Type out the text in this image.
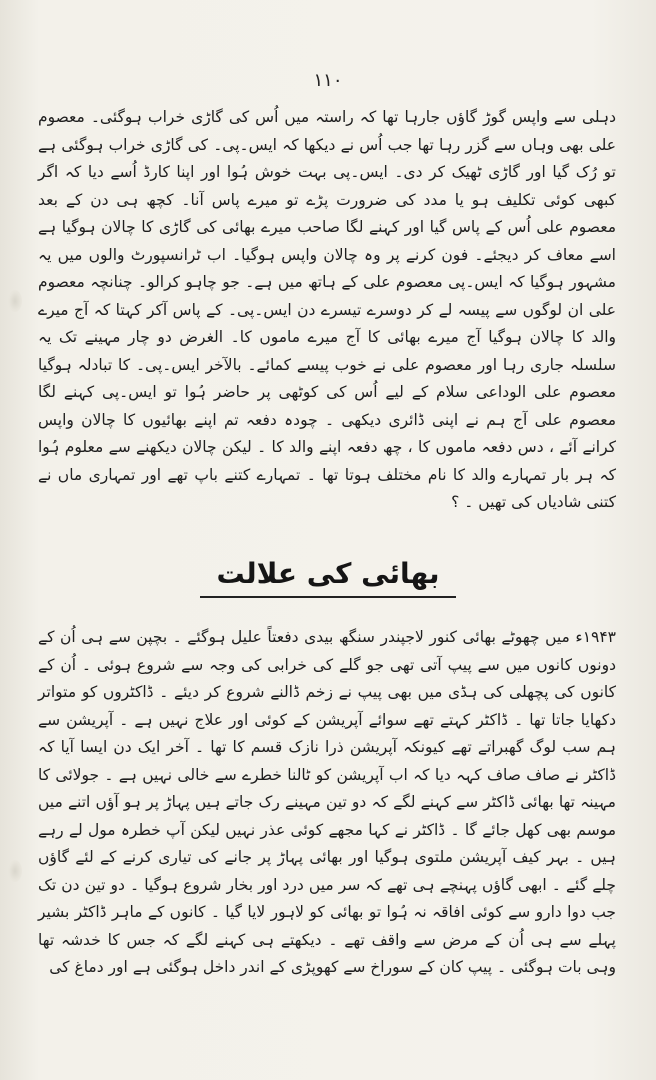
۱۱۰

دہلی سے واپس گوڑ گاؤں جارہا تھا کہ راستہ میں اُس کی گاڑی خراب ہوگئی۔ معصوم علی بھی وہاں سے گزر رہا تھا جب اُس نے دیکھا کہ ایس۔پی۔ کی گاڑی خراب ہوگئی ہے تو رُک گیا اور گاڑی ٹھیک کر دی۔ ایس۔پی بہت خوش ہُوا اور اپنا کارڈ اُسے دیا کہ اگر کبھی کوئی تکلیف ہو یا مدد کی ضرورت پڑے تو میرے پاس آنا۔ کچھ ہی دن کے بعد معصوم علی اُس کے پاس گیا اور کہنے لگا صاحب میرے بھائی کی گاڑی کا چالان ہوگیا ہے اسے معاف کر دیجئے۔ فون کرنے پر وہ چالان واپس ہوگیا۔ اب ٹرانسپورٹ والوں میں یہ مشہور ہوگیا کہ ایس۔پی معصوم علی کے ہاتھ میں ہے۔ جو چاہو کرالو۔ چنانچہ معصوم علی ان لوگوں سے پیسہ لے کر دوسرے تیسرے دن ایس۔پی۔ کے پاس آکر کہتا کہ آج میرے والد کا چالان ہوگیا آج میرے بھائی کا آج میرے ماموں کا۔ الغرض دو چار مہینے تک یہ سلسلہ جاری رہا اور معصوم علی نے خوب پیسے کمائے۔ بالآخر ایس۔پی۔ کا تبادلہ ہوگیا معصوم علی الوداعی سلام کے لیے اُس کی کوٹھی پر حاضر ہُوا تو ایس۔پی کہنے لگا معصوم علی آج ہم نے اپنی ڈائری دیکھی ۔ چودہ دفعہ تم اپنے بھائیوں کا چالان واپس کرانے آئے ، دس دفعہ ماموں کا ، چھ دفعہ اپنے والد کا ۔ لیکن چالان دیکھنے سے معلوم ہُوا کہ ہر بار تمہارے والد کا نام مختلف ہوتا تھا ۔ تمہارے کتنے باپ تھے اور تمہاری ماں نے کتنی شادیاں کی تھیں ۔ ؟

بھائی کی علالت

۱۹۴۳ء میں چھوٹے بھائی کنور لاجپندر سنگھ بیدی دفعتاً علیل ہوگئے ۔ بچپن سے ہی اُن کے دونوں کانوں میں سے پیپ آتی تھی جو گلے کی خرابی کی وجہ سے شروع ہوئی ۔ اُن کے کانوں کی پچھلی کی ہڈی میں بھی پیپ نے زخم ڈالنے شروع کر دیئے ۔ ڈاکٹروں کو متواتر دکھایا جاتا تھا ۔ ڈاکٹر کہتے تھے سوائے آپریشن کے کوئی اور علاج نہیں ہے ۔ آپریشن سے ہم سب لوگ گھبراتے تھے کیونکہ آپریشن ذرا نازک قسم کا تھا ۔ آخر ایک دن ایسا آیا کہ ڈاکٹر نے صاف صاف کہہ دیا کہ اب آپریشن کو ٹالنا خطرے سے خالی نہیں ہے ۔ جولائی کا مہینہ تھا بھائی ڈاکٹر سے کہنے لگے کہ دو تین مہینے رک جاتے ہیں پہاڑ پر ہو آؤں اتنے میں موسم بھی کھل جائے گا ۔ ڈاکٹر نے کہا مجھے کوئی عذر نہیں لیکن آپ خطرہ مول لے رہے ہیں ۔ بہر کیف آپریشن ملتوی ہوگیا اور بھائی پہاڑ پر جانے کی تیاری کرنے کے لئے گاؤں چلے گئے ۔ ابھی گاؤں پہنچے ہی تھے کہ سر میں درد اور بخار شروع ہوگیا ۔ دو تین دن تک جب دوا دارو سے کوئی افاقہ نہ ہُوا تو بھائی کو لاہور لایا گیا ۔ کانوں کے ماہر ڈاکٹر بشیر پہلے سے ہی اُن کے مرض سے واقف تھے ۔ دیکھتے ہی کہنے لگے کہ جس کا خدشہ تھا وہی بات ہوگئی ۔ پیپ کان کے سوراخ سے کھوپڑی کے اندر داخل ہوگئی ہے اور دماغ کی
